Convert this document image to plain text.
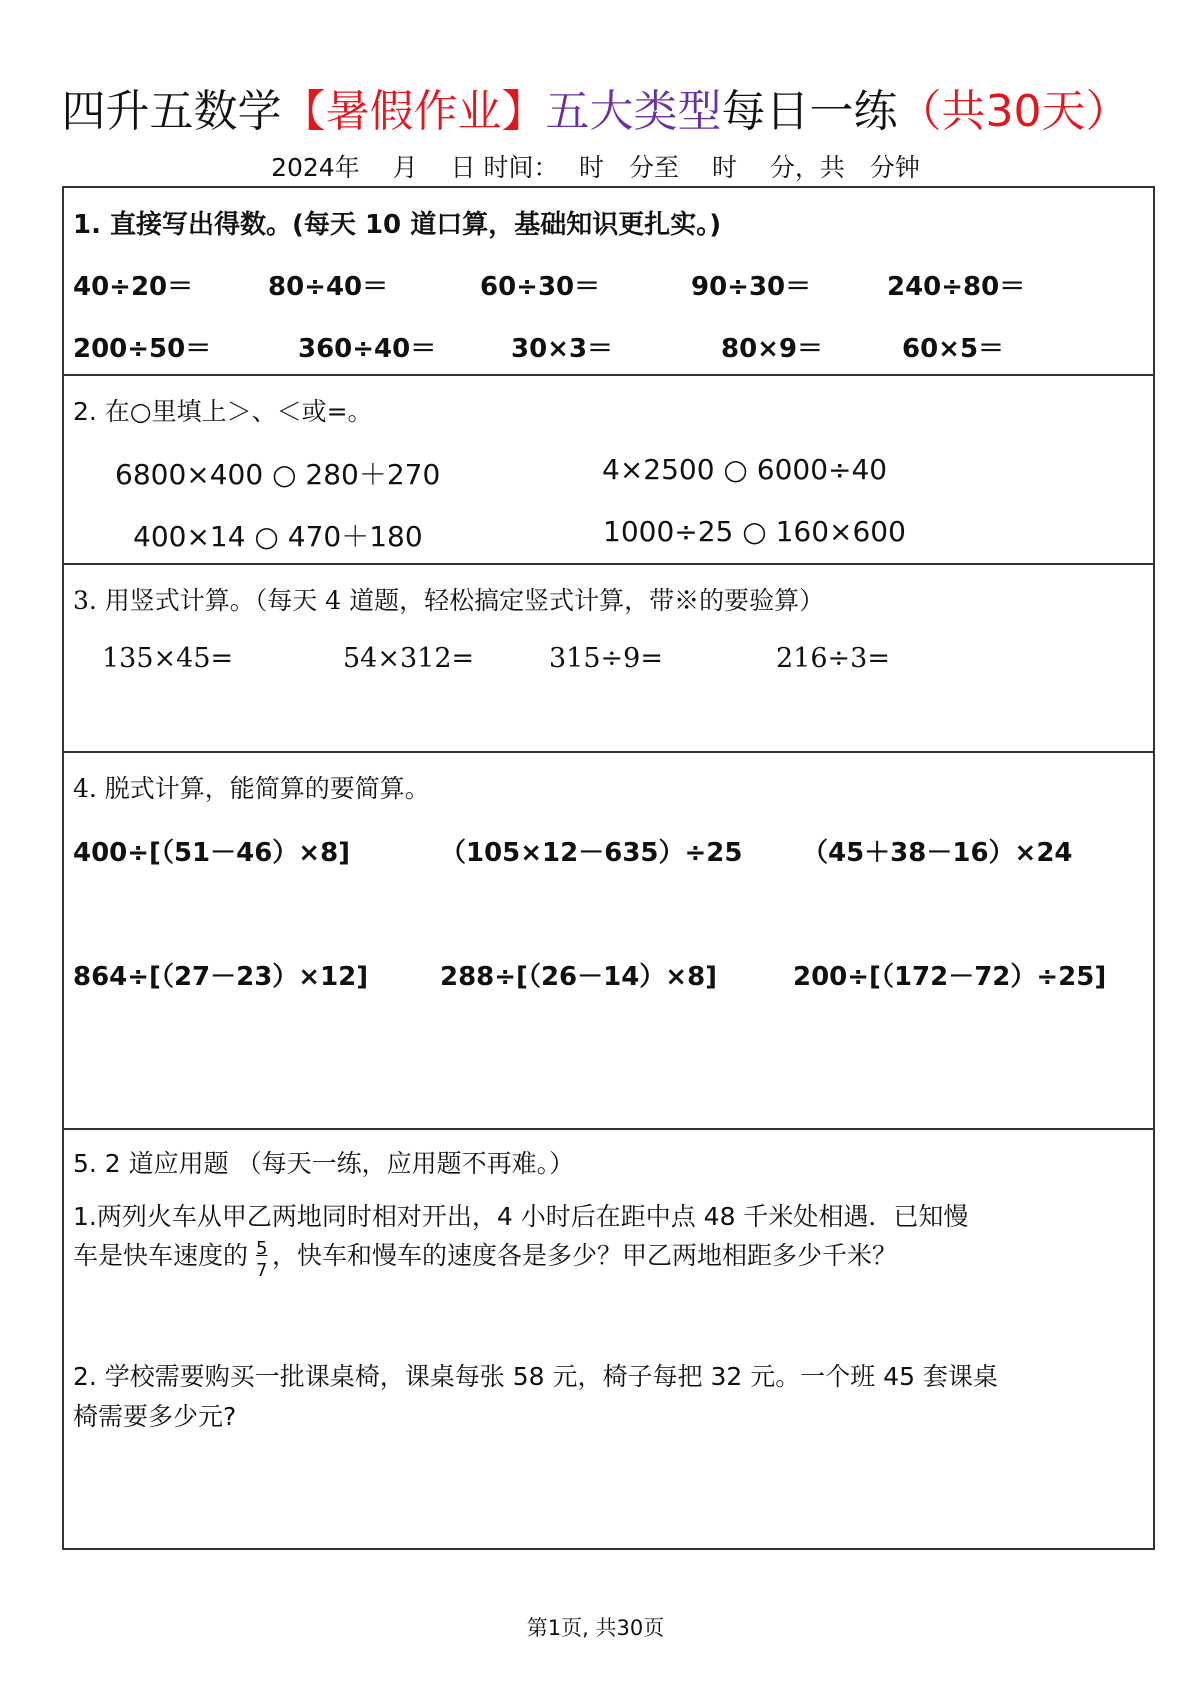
四升五数学【暑假作业】五大类型每日一练（共30天）
2024年　 月　 日 时间：　 时　分至　 时　 分，共　分钟
1. 直接写出得数。(每天 10 道口算，基础知识更扎实。)
40÷20＝	80÷40＝	60÷30＝	90÷30＝	240÷80＝
200÷50＝	360÷40＝	30×3＝	80×9＝	60×5＝
2. 在○里填上＞、＜或=。
6800×400 ○ 280＋270	4×2500 ○ 6000÷40
400×14 ○ 470＋180	1000÷25 ○ 160×600
3. 用竖式计算。（每天 4 道题，轻松搞定竖式计算，带※的要验算）
135×45=	54×312=	315÷9=	216÷3=
4. 脱式计算，能简算的要简算。
400÷[（51－46）×8]	（105×12－635）÷25 （45＋38－16）×24
864÷[（27－23）×12]	288÷[（26－14）×8]	200÷[（172－72）÷25]
5. 2 道应用题 （每天一练，应用题不再难。）
1.两列火车从甲乙两地同时相对开出，4 小时后在距中点 48 千米处相遇．已知慢
车是快车速度的
$\frac{5}{7}$
，快车和慢车的速度各是多少？甲乙两地相距多少千米？
2. 学校需要购买一批课桌椅，课桌每张 58 元，椅子每把 32 元。一个班 45 套课桌
椅需要多少元?
第1页, 共30页
